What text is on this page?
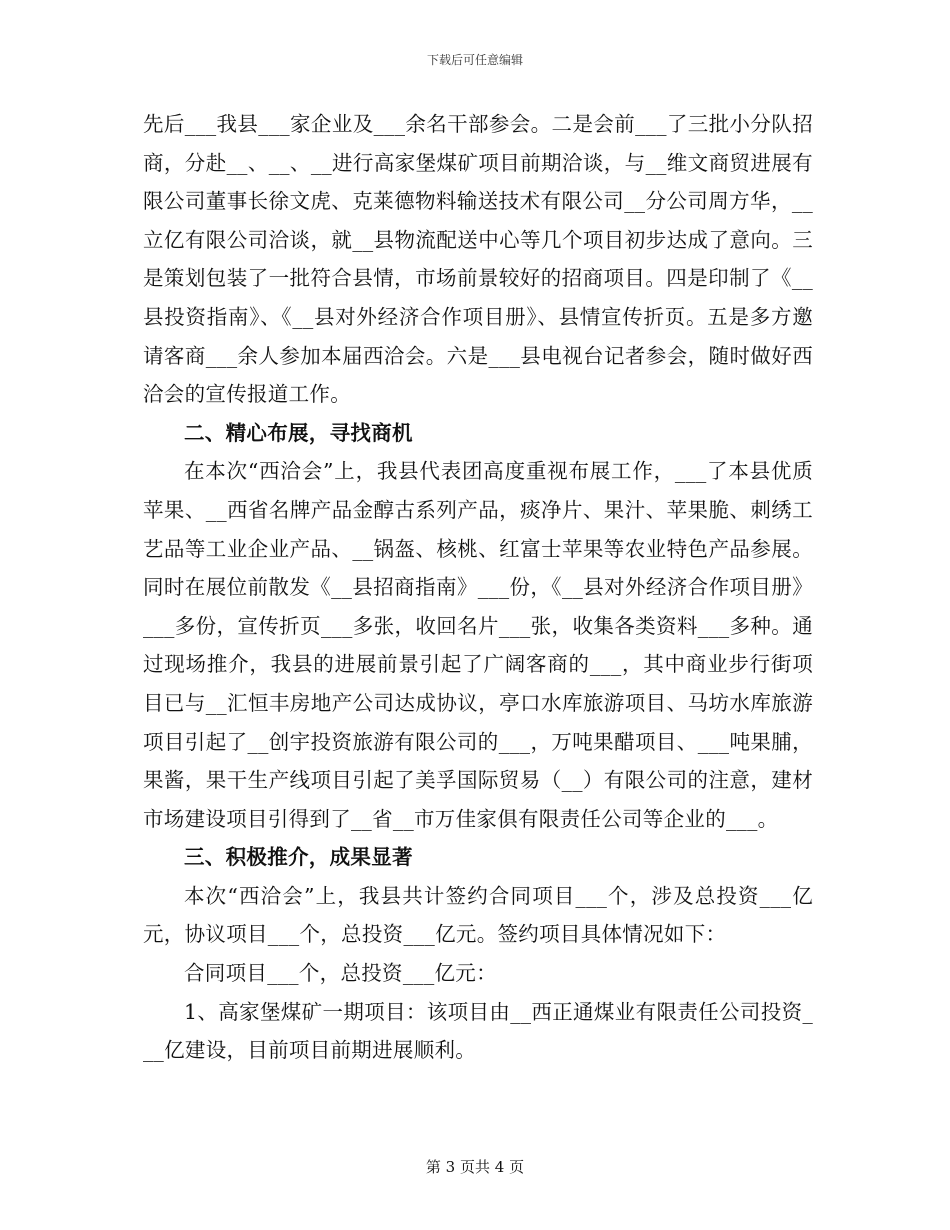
下载后可任意编辑

先后___我县___家企业及___余名干部参会。二是会前___了三批小分队招商，分赴__、__、__进行高家堡煤矿项目前期洽谈，与__维文商贸进展有限公司董事长徐文虎、克莱德物料输送技术有限公司__分公司周方华，__立亿有限公司洽谈，就__县物流配送中心等几个项目初步达成了意向。三是策划包装了一批符合县情，市场前景较好的招商项目。四是印制了《__县投资指南》、《__县对外经济合作项目册》、县情宣传折页。五是多方邀请客商___余人参加本届西洽会。六是___县电视台记者参会，随时做好西洽会的宣传报道工作。

二、精心布展，寻找商机

在本次“西洽会”上，我县代表团高度重视布展工作，___了本县优质苹果、__西省名牌产品金醇古系列产品，痰净片、果汁、苹果脆、刺绣工艺品等工业企业产品、__锅盔、核桃、红富士苹果等农业特色产品参展。同时在展位前散发《__县招商指南》___份，《__县对外经济合作项目册》___多份，宣传折页___多张，收回名片___张，收集各类资料___多种。通过现场推介，我县的进展前景引起了广阔客商的___，其中商业步行街项目已与__汇恒丰房地产公司达成协议，亭口水库旅游项目、马坊水库旅游项目引起了__创宇投资旅游有限公司的___，万吨果醋项目、___吨果脯，果酱，果干生产线项目引起了美孚国际贸易（__）有限公司的注意，建材市场建设项目引得到了__省__市万佳家俱有限责任公司等企业的___。

三、积极推介，成果显著

本次“西洽会”上，我县共计签约合同项目___个，涉及总投资___亿元，协议项目___个，总投资___亿元。签约项目具体情况如下：

合同项目___个，总投资___亿元：

1、高家堡煤矿一期项目：该项目由__西正通煤业有限责任公司投资___亿建设，目前项目前期进展顺利。

第 3 页共 4 页
